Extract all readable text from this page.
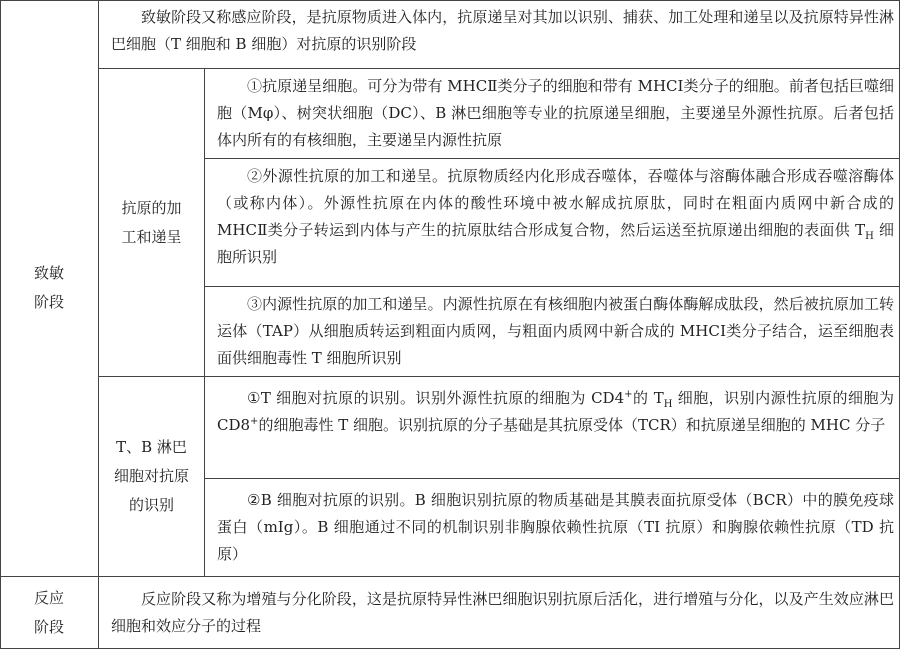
致敏
阶段
致敏阶段又称感应阶段，是抗原物质进入体内，抗原递呈对其加以识别、捕获、加工处理和递呈以及抗原特异性淋巴细胞（T 细胞和 B 细胞）对抗原的识别阶段
抗原的加
工和递呈
①抗原递呈细胞。可分为带有 MHCⅡ类分子的细胞和带有 MHCⅠ类分子的细胞。前者包括巨噬细胞（Mφ）、树突状细胞（DC）、B 淋巴细胞等专业的抗原递呈细胞，主要递呈外源性抗原。后者包括体内所有的有核细胞，主要递呈内源性抗原
②外源性抗原的加工和递呈。抗原物质经内化形成吞噬体，吞噬体与溶酶体融合形成吞噬溶酶体（或称内体）。外源性抗原在内体的酸性环境中被水解成抗原肽，同时在粗面内质网中新合成的 MHCⅡ类分子转运到内体与产生的抗原肽结合形成复合物，然后运送至抗原递出细胞的表面供 $T_H$ 细胞所识别
③内源性抗原的加工和递呈。内源性抗原在有核细胞内被蛋白酶体酶解成肽段，然后被抗原加工转运体（TAP）从细胞质转运到粗面内质网，与粗面内质网中新合成的 MHCⅠ类分子结合，运至细胞表面供细胞毒性 T 细胞所识别
T、B 淋巴
细胞对抗原
的识别
①T 细胞对抗原的识别。识别外源性抗原的细胞为 CD4+的 $T_H$ 细胞，识别内源性抗原的细胞为 CD8+的细胞毒性 T 细胞。识别抗原的分子基础是其抗原受体（TCR）和抗原递呈细胞的 MHC 分子
②B 细胞对抗原的识别。B 细胞识别抗原的物质基础是其膜表面抗原受体（BCR）中的膜免疫球蛋白（mIg）。B 细胞通过不同的机制识别非胸腺依赖性抗原（TI 抗原）和胸腺依赖性抗原（TD 抗原）
反应
阶段
反应阶段又称为增殖与分化阶段，这是抗原特异性淋巴细胞识别抗原后活化，进行增殖与分化，以及产生效应淋巴细胞和效应分子的过程
